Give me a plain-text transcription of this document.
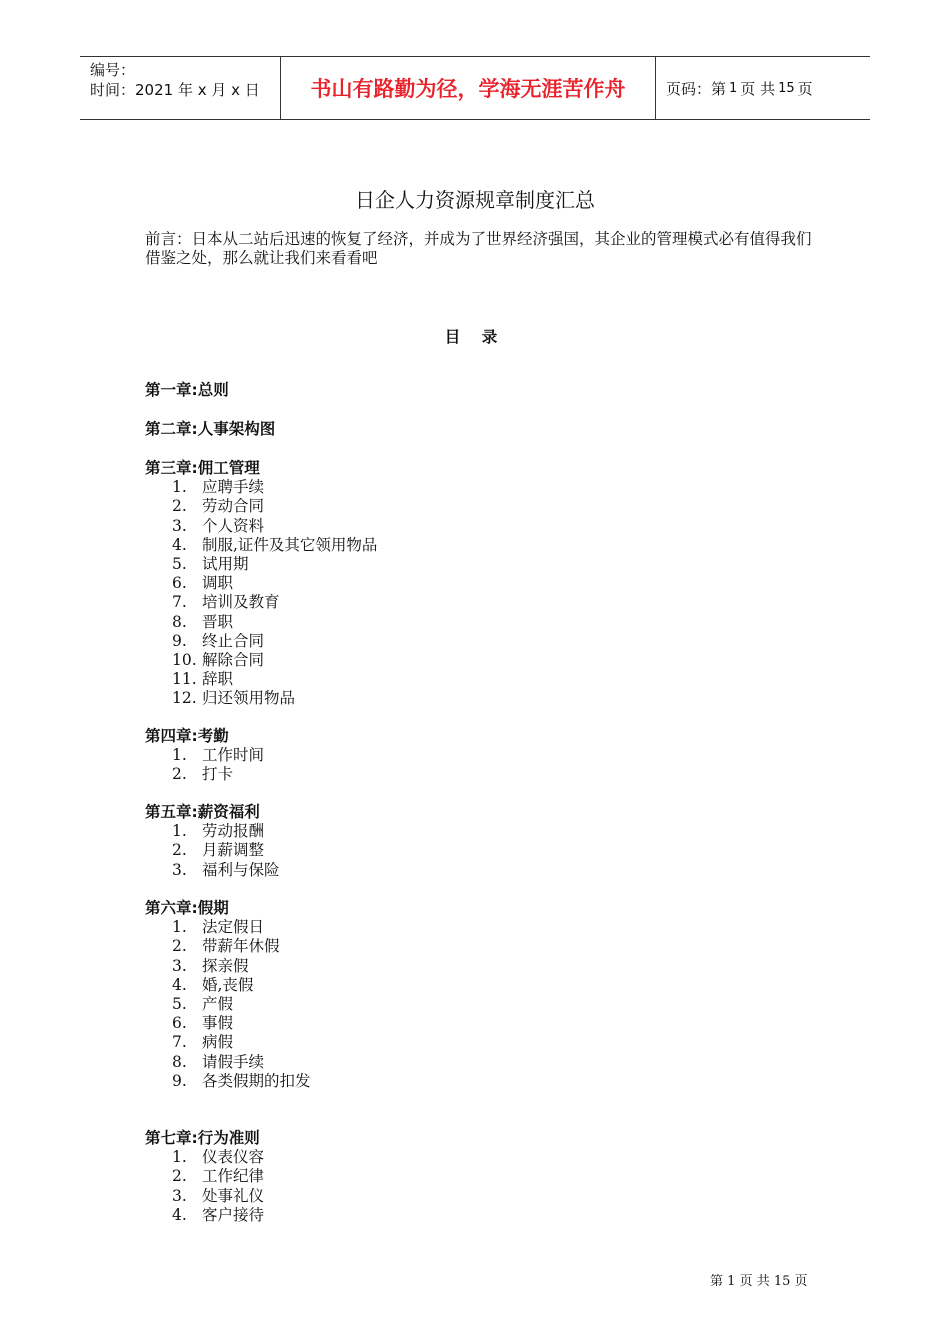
编号：
时间：2021 年 x 月 x 日	书山有路勤为径，学海无涯苦作舟	页码：第 1 页 共 15 页
日企人力资源规章制度汇总
前言：日本从二站后迅速的恢复了经济，并成为了世界经济强国，其企业的管理模式必有值得我们借鉴之处，那么就让我们来看看吧
目 录
第一章:总则
第二章:人事架构图
第三章:佣工管理
1. 应聘手续
2. 劳动合同
3. 个人资料
4. 制服,证件及其它领用物品
5. 试用期
6. 调职
7. 培训及教育
8. 晋职
9. 终止合同
10. 解除合同
11. 辞职
12. 归还领用物品
第四章:考勤
1. 工作时间
2. 打卡
第五章:薪资福利
1. 劳动报酬
2. 月薪调整
3. 福利与保险
第六章:假期
1. 法定假日
2. 带薪年休假
3. 探亲假
4. 婚,丧假
5. 产假
6. 事假
7. 病假
8. 请假手续
9. 各类假期的扣发
第七章:行为准则
1. 仪表仪容
2. 工作纪律
3. 处事礼仪
4. 客户接待
第 1 页 共 15 页
